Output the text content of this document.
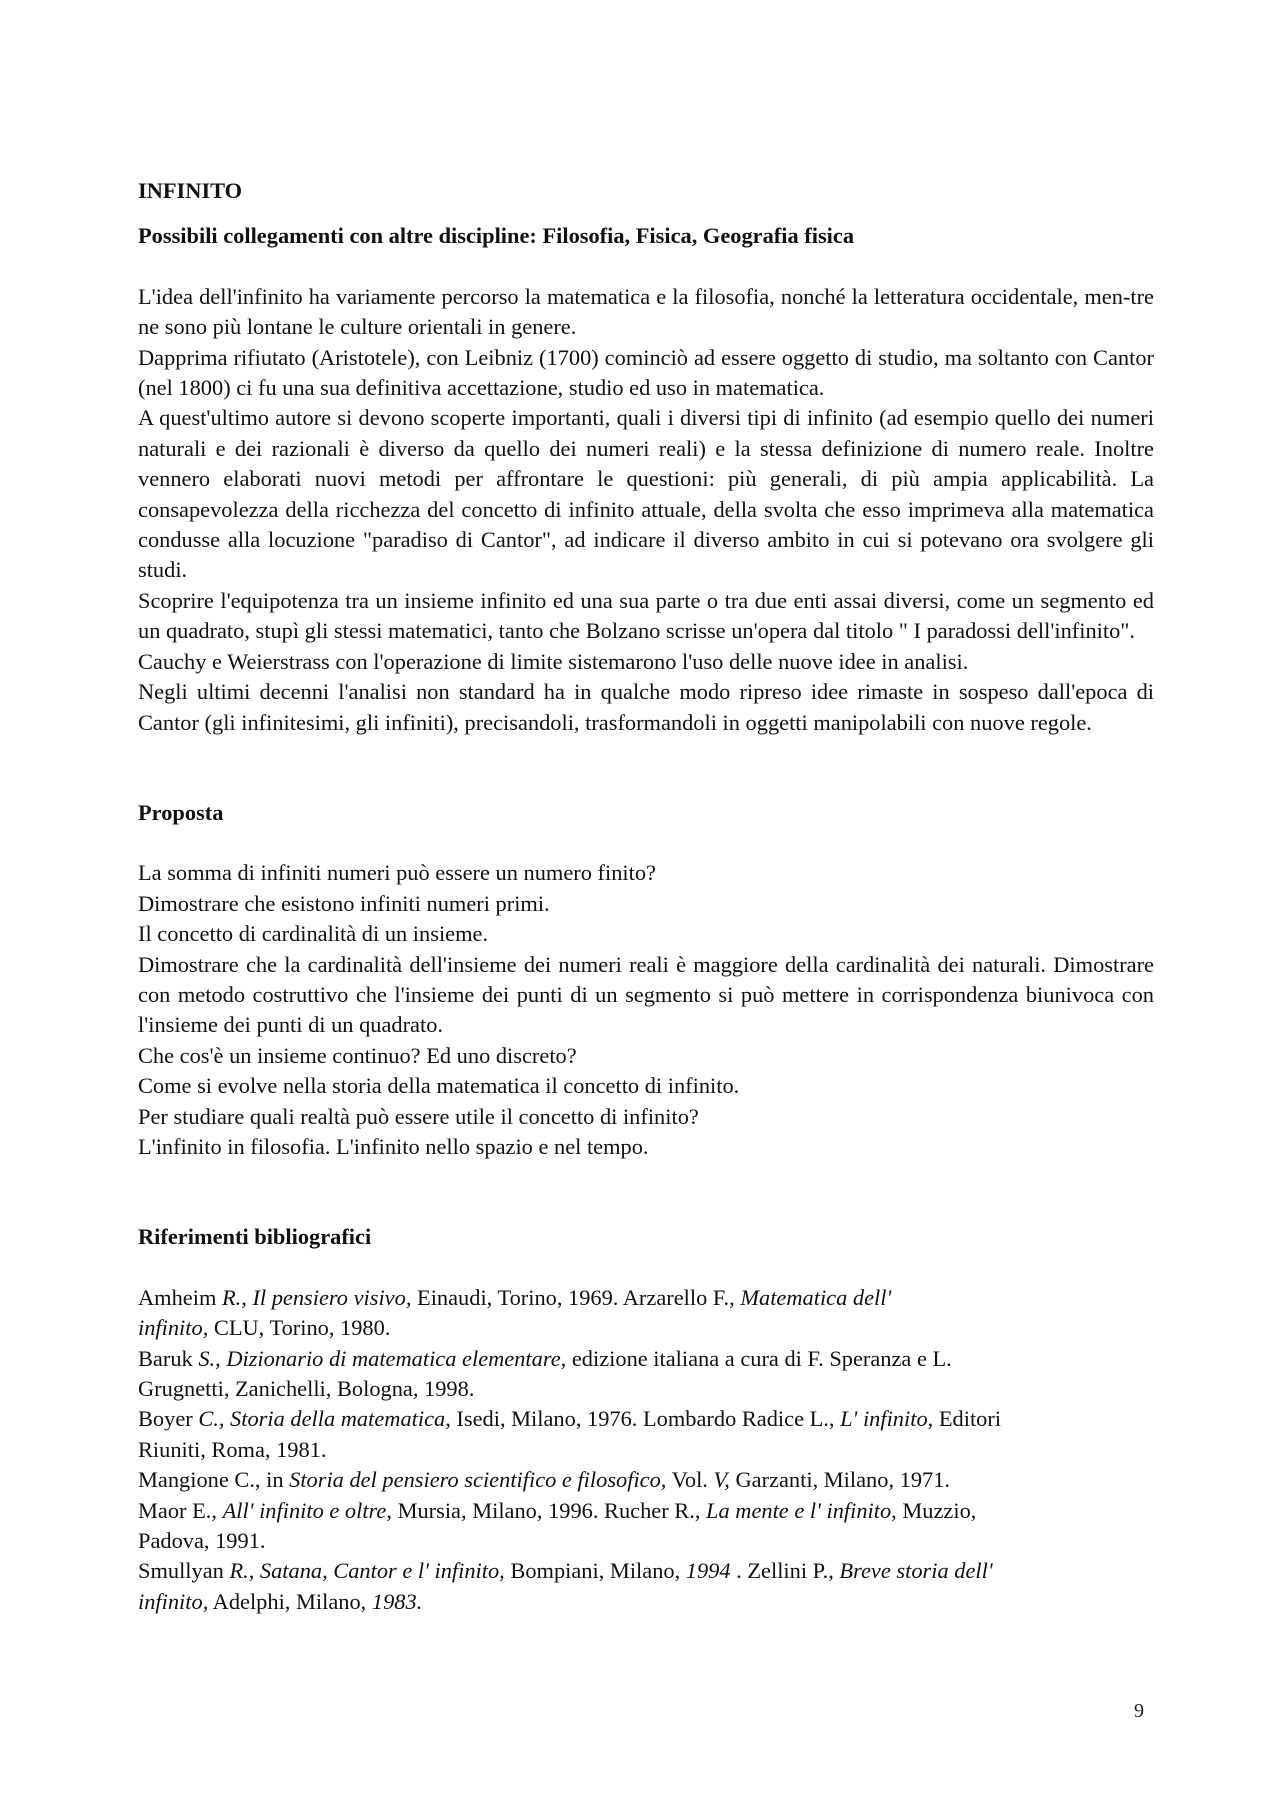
INFINITO
Possibili collegamenti con altre discipline: Filosofia, Fisica, Geografia fisica

L'idea dell'infinito ha variamente percorso la matematica e la filosofia, nonché la letteratura occidentale, men-tre ne sono più lontane le culture orientali in genere.

Dapprima rifiutato (Aristotele), con Leibniz (1700) cominciò ad essere oggetto di studio, ma soltanto con Cantor (nel 1800) ci fu una sua definitiva accettazione, studio ed uso in matematica.

A quest'ultimo autore si devono scoperte importanti, quali i diversi tipi di infinito (ad esempio quello dei numeri naturali e dei razionali è diverso da quello dei numeri reali) e la stessa definizione di numero reale. Inoltre vennero elaborati nuovi metodi per affrontare le questioni: più generali, di più ampia applicabilità. La consapevolezza della ricchezza del concetto di infinito attuale, della svolta che esso imprimeva alla matematica condusse alla locuzione "paradiso di Cantor", ad indicare il diverso ambito in cui si potevano ora svolgere gli studi.

Scoprire l'equipotenza tra un insieme infinito ed una sua parte o tra due enti assai diversi, come un segmento ed un quadrato, stupì gli stessi matematici, tanto che Bolzano scrisse un'opera dal titolo " I paradossi dell'infinito".

Cauchy e Weierstrass con l'operazione di limite sistemarono l'uso delle nuove idee in analisi.

Negli ultimi decenni l'analisi non standard ha in qualche modo ripreso idee rimaste in sospeso dall'epoca di Cantor (gli infinitesimi, gli infiniti), precisandoli, trasformandoli in oggetti manipolabili con nuove regole.

Proposta

La somma di infiniti numeri può essere un numero finito?

Dimostrare che esistono infiniti numeri primi.

Il concetto di cardinalità di un insieme.

Dimostrare che la cardinalità dell'insieme dei numeri reali è maggiore della cardinalità dei naturali. Dimostrare con metodo costruttivo che l'insieme dei punti di un segmento si può mettere in corrispondenza biunivoca con l'insieme dei punti di un quadrato.

Che cos'è un insieme continuo? Ed uno discreto?

Come si evolve nella storia della matematica il concetto di infinito.

Per studiare quali realtà può essere utile il concetto di infinito?

L'infinito in filosofia. L'infinito nello spazio e nel tempo.

Riferimenti bibliografici
Amheim R., Il pensiero visivo, Einaudi, Torino, 1969. Arzarello F., Matematica dell'
infinito, CLU, Torino, 1980.
Baruk S., Dizionario di matematica elementare, edizione italiana a cura di F. Speranza e L.
Grugnetti, Zanichelli, Bologna, 1998.
Boyer C., Storia della matematica, Isedi, Milano, 1976. Lombardo Radice L., L' infinito, Editori
Riuniti, Roma, 1981.
Mangione C., in Storia del pensiero scientifico e filosofico, Vol. V, Garzanti, Milano, 1971.
Maor E., All' infinito e oltre, Mursia, Milano, 1996. Rucher R., La mente e l' infinito, Muzzio,
Padova, 1991.
Smullyan R., Satana, Cantor e l' infinito, Bompiani, Milano, 1994 . Zellini P., Breve storia dell'
infinito, Adelphi, Milano, 1983.
9
